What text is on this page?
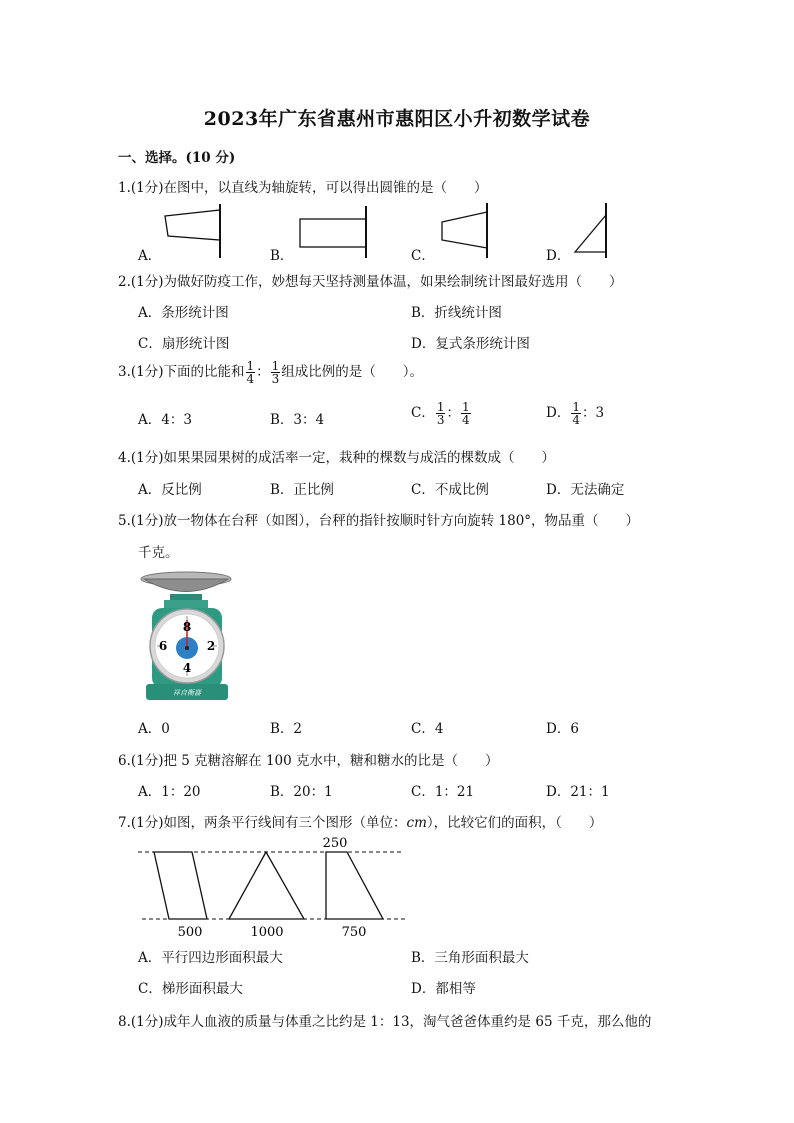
2023年广东省惠州市惠阳区小升初数学试卷
一、选择。(10 分)
1.(1分)在图中，以直线为轴旋转，可以得出圆锥的是（　　）
A．	B．	C．	D．
2.(1分)为做好防疫工作，妙想每天坚持测量体温，如果绘制统计图最好选用（　　）
A．条形统计图	B．折线统计图
C．扇形统计图	D．复式条形统计图
3.(1分)下面的比能和 $\frac{1}{4}$ ： $\frac{1}{3}$ 组成比例的是（　　）。
A．4：3	B．3：4	C． $\frac{1}{3}$ ： $\frac{1}{4}$	D． $\frac{1}{4}$ ：3
4.(1分)如果果园果树的成活率一定，栽种的棵数与成活的棵数成（　　）
A．反比例	B．正比例	C．不成比例	D．无法确定
5.(1分)放一物体在台秤（如图），台秤的指针按顺时针方向旋转 180°，物品重（　　）
千克。
8
2
4
6
祥自衡器
A．0	B．2	C．4	D．6
6.(1分)把 5 克糖溶解在 100 克水中，糖和糖水的比是（　　）
A．1：20	B．20：1	C．1：21	D．21：1
7.(1分)如图，两条平行线间有三个图形（单位：cm），比较它们的面积，（　　）
250
500	1000	750
A．平行四边形面积最大	B．三角形面积最大
C．梯形面积最大	D．都相等
8.(1分)成年人血液的质量与体重之比约是 1：13，淘气爸爸体重约是 65 千克，那么他的
